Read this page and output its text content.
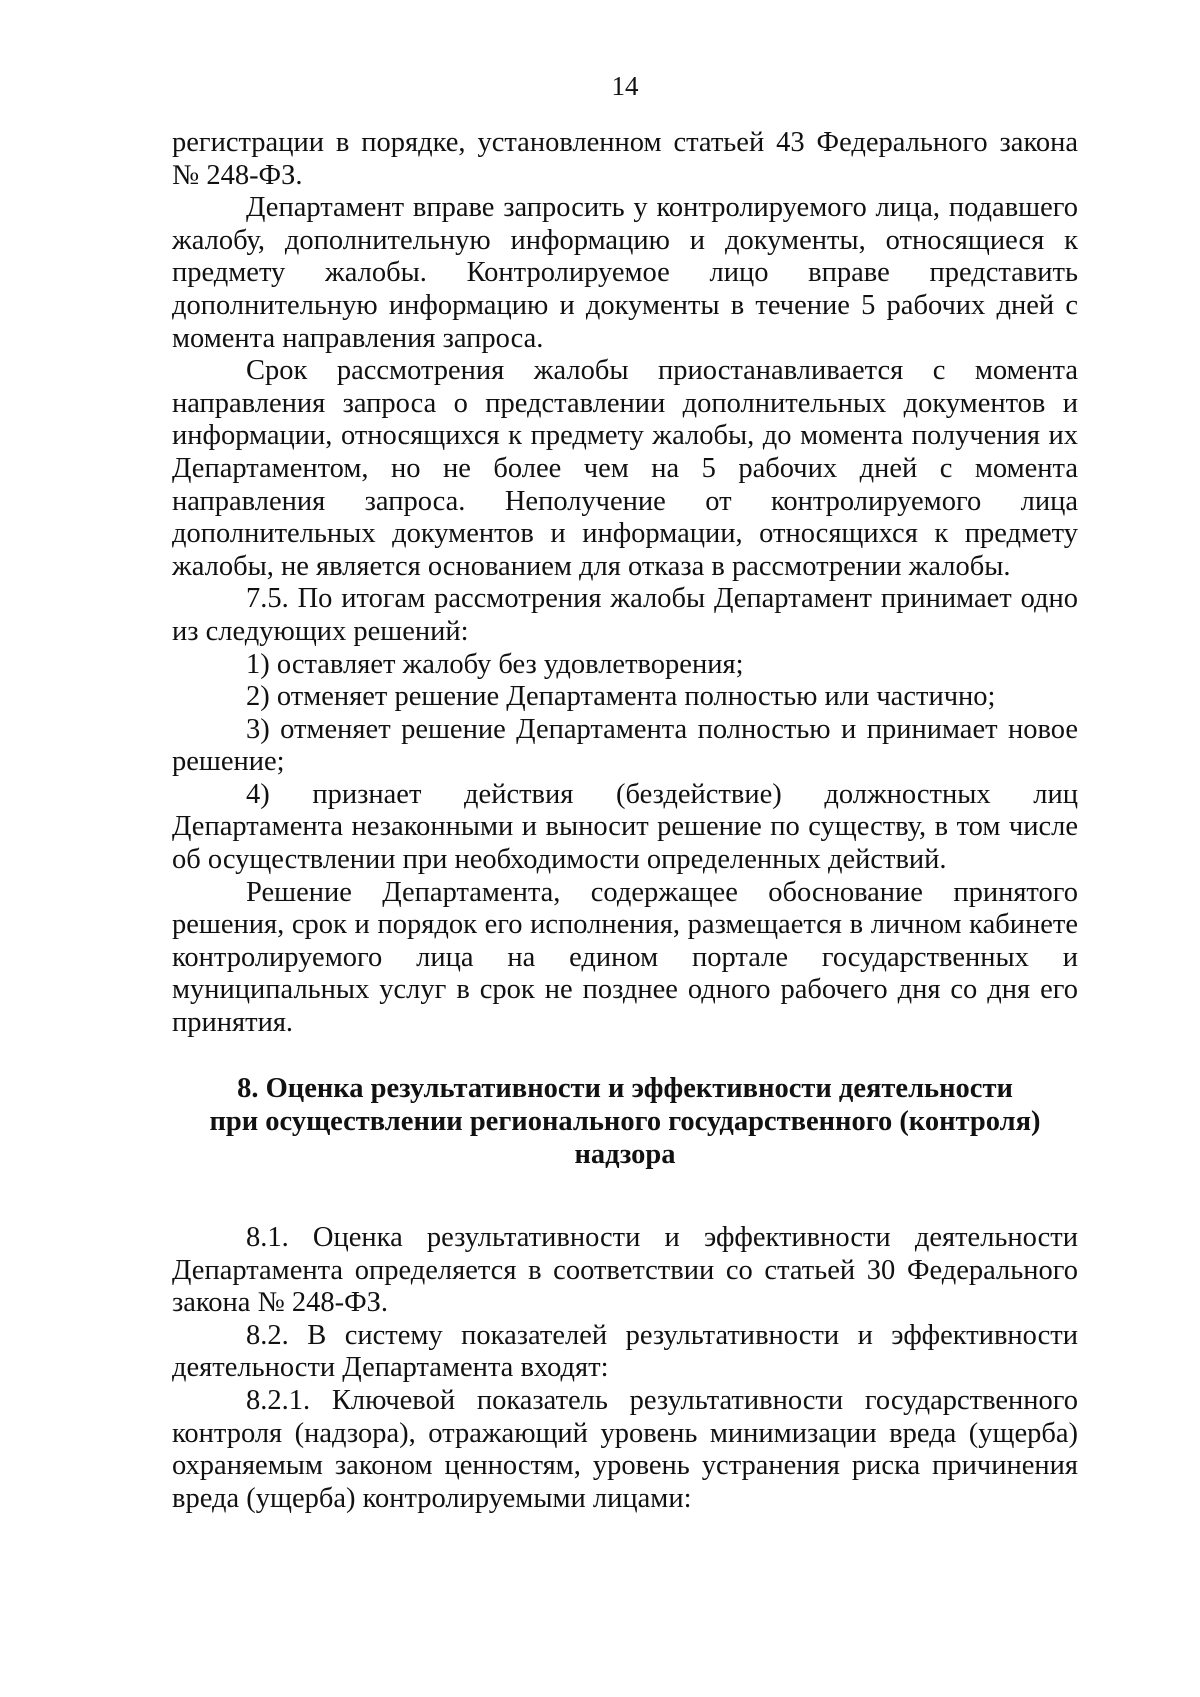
14

регистрации в порядке, установленном статьей 43 Федерального закона № 248-ФЗ.

Департамент вправе запросить у контролируемого лица, подавшего жалобу, дополнительную информацию и документы, относящиеся к предмету жалобы. Контролируемое лицо вправе представить дополнительную информацию и документы в течение 5 рабочих дней с момента направления запроса.

Срок рассмотрения жалобы приостанавливается с момента направления запроса о представлении дополнительных документов и информации, относящихся к предмету жалобы, до момента получения их Департаментом, но не более чем на 5 рабочих дней с момента направления запроса. Неполучение от контролируемого лица дополнительных документов и информации, относящихся к предмету жалобы, не является основанием для отказа в рассмотрении жалобы.

7.5. По итогам рассмотрения жалобы Департамент принимает одно из следующих решений:

1) оставляет жалобу без удовлетворения;

2) отменяет решение Департамента полностью или частично;

3) отменяет решение Департамента полностью и принимает новое решение;

4) признает действия (бездействие) должностных лиц Департамента незаконными и выносит решение по существу, в том числе об осуществлении при необходимости определенных действий.

Решение Департамента, содержащее обоснование принятого решения, срок и порядок его исполнения, размещается в личном кабинете контролируемого лица на едином портале государственных и муниципальных услуг в срок не позднее одного рабочего дня со дня его принятия.

8. Оценка результативности и эффективности деятельности
при осуществлении регионального государственного (контроля)
надзора

8.1. Оценка результативности и эффективности деятельности Департамента определяется в соответствии со статьей 30 Федерального закона № 248-ФЗ.

8.2. В систему показателей результативности и эффективности деятельности Департамента входят:

8.2.1. Ключевой показатель результативности государственного контроля (надзора), отражающий уровень минимизации вреда (ущерба) охраняемым законом ценностям, уровень устранения риска причинения вреда (ущерба) контролируемыми лицами:
